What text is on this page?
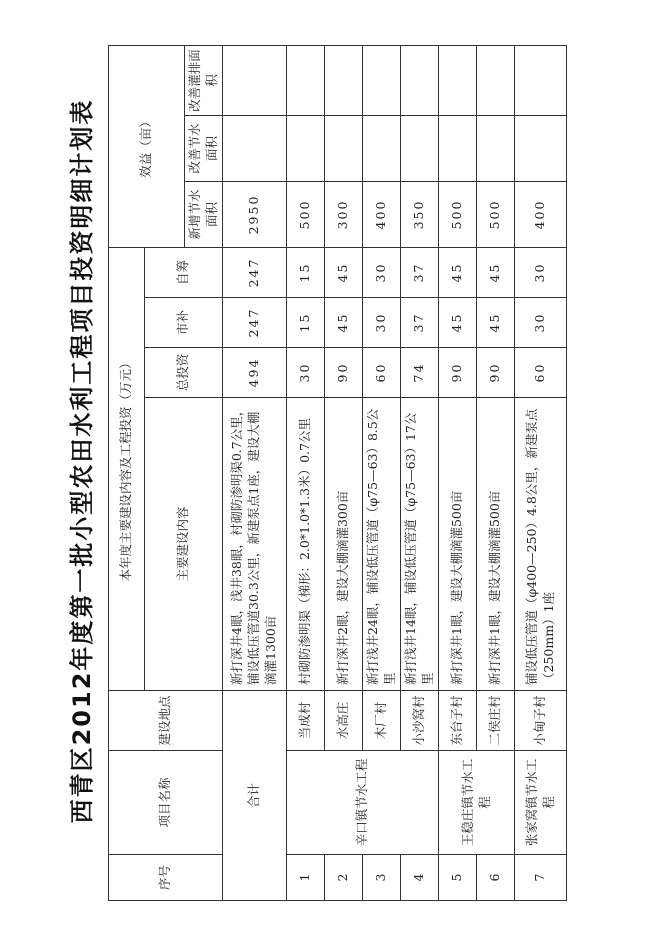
西青区2012年度第一批小型农田水利工程项目投资明细计划表
序号	项目名称	建设地点	本年度主要建设内容及工程投资（万元）				效益（亩）		
			主要建设内容	总投资	市补	自筹			
							新增节水面积	改善节水面积	改善灌排面积
合计			新打深井4眼，浅井38眼，衬砌防渗明渠0.7公里，铺设低压管道30.3公里，新建泵点1座，建设大棚滴灌1300亩	494	247	247	2950		
1	辛口镇节水工程	当成村	村砌防渗明渠（梯形：2.0*1.0*1.3米）0.7公里	30	15	15	500		
2		水高庄	新打深井2眼，建设大棚滴灌300亩	90	45	45	300		
3		木厂村	新打浅井24眼，铺设低压管道（φ75—63）8.5公里	60	30	30	400		
4		小沙窝村	新打浅井14眼，铺设低压管道（φ75—63）17公里	74	37	37	350		
5	王稳庄镇节水工程	东台子村	新打深井1眼，建设大棚滴灌500亩	90	45	45	500		
6		二侯庄村	新打深井1眼，建设大棚滴灌500亩	90	45	45	500		
7	张家窝镇节水工程	小甸子村	铺设低压管道（φ400—250）4.8公里，新建泵点（250mm）1座	60	30	30	400		
